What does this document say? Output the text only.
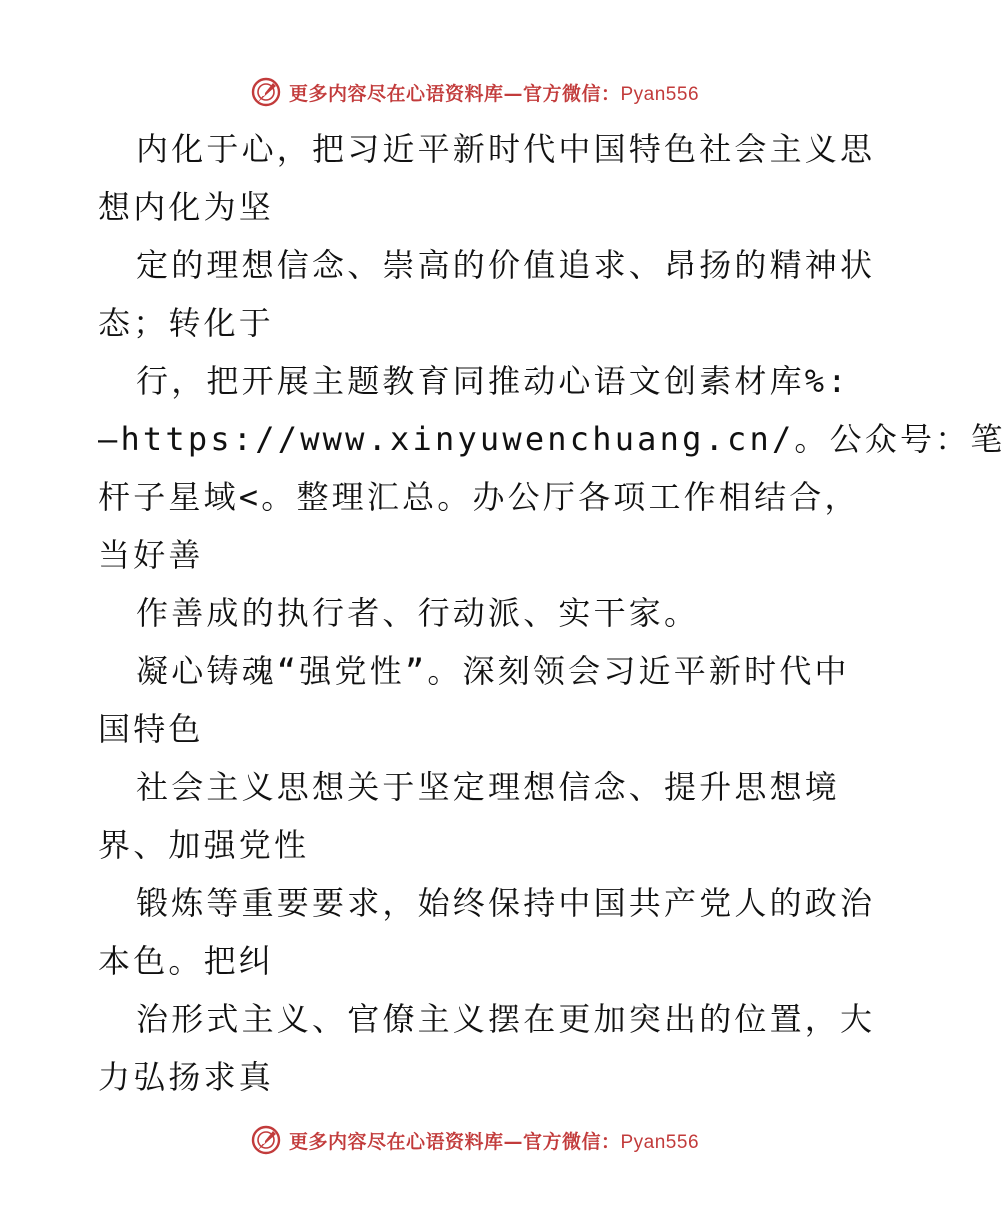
更多内容尽在心语资料库—官方微信：Pyan556
内化于心，把习近平新时代中国特色社会主义思
想内化为坚
定的理想信念、崇高的价值追求、昂扬的精神状
态；转化于
行，把开展主题教育同推动心语文创素材库%:
—https://www.xinyuwenchuang.cn/。公众号：笔
杆子星域<。整理汇总。办公厅各项工作相结合，
当好善
作善成的执行者、行动派、实干家。
凝心铸魂“强党性”。深刻领会习近平新时代中
国特色
社会主义思想关于坚定理想信念、提升思想境
界、加强党性
锻炼等重要要求，始终保持中国共产党人的政治
本色。把纠
治形式主义、官僚主义摆在更加突出的位置，大
力弘扬求真
更多内容尽在心语资料库—官方微信：Pyan556
